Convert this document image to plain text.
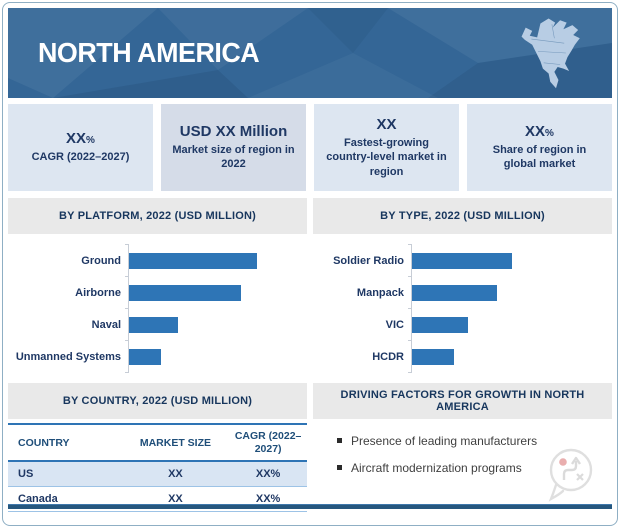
NORTH AMERICA
XX%
CAGR (2022–2027)
USD XX Million
Market size of region in 2022
XX
Fastest-growing country-level market in region
XX%
Share of region in global market
BY PLATFORM, 2022 (USD MILLION)
Ground
Airborne
Naval
Unmanned Systems
BY TYPE, 2022 (USD MILLION)
Soldier Radio
Manpack
VIC
HCDR
BY COUNTRY, 2022 (USD MILLION)
COUNTRY	MARKET SIZE	CAGR (2022–2027)
US	XX	XX%
Canada	XX	XX%
DRIVING FACTORS FOR GROWTH IN NORTH AMERICA
Presence of leading manufacturers
Aircraft modernization programs
